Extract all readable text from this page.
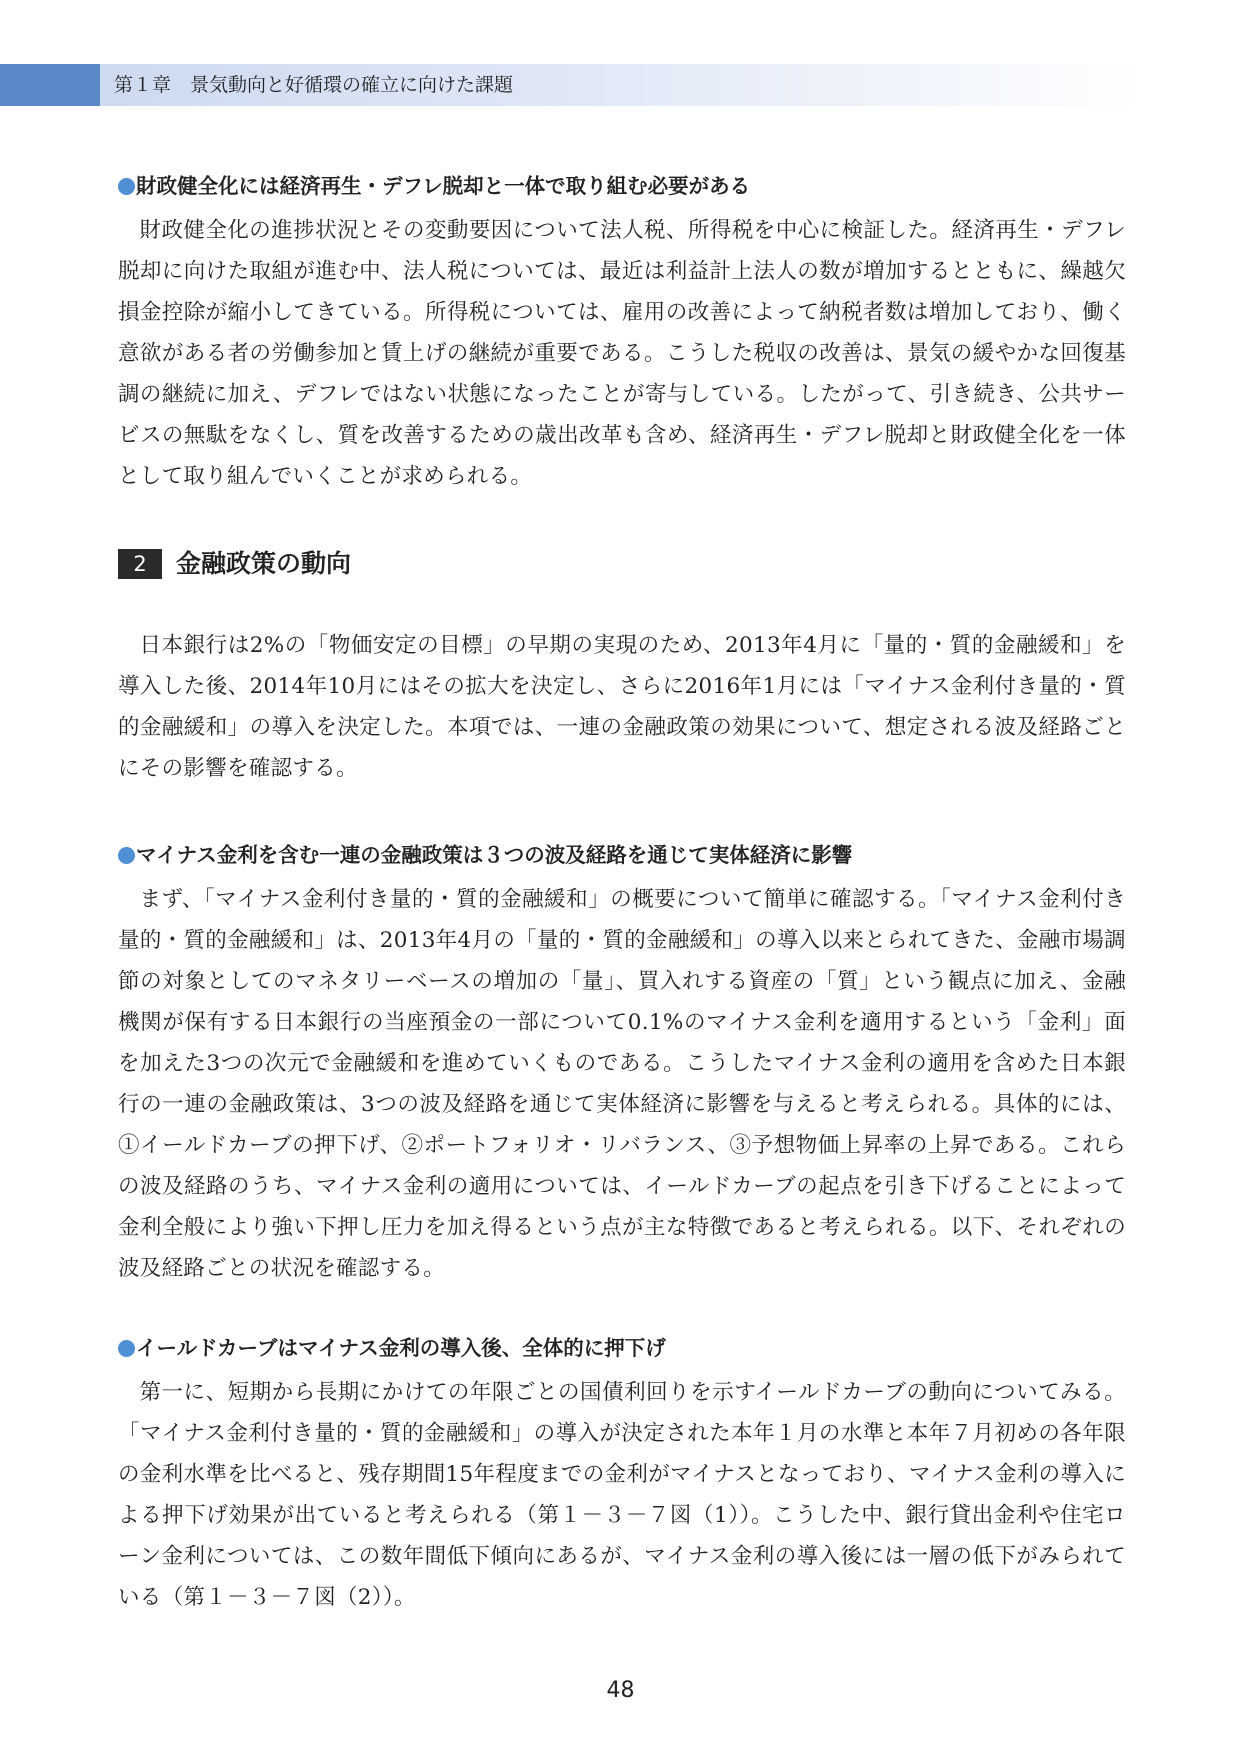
第１章　景気動向と好循環の確立に向けた課題
財政健全化には経済再生・デフレ脱却と一体で取り組む必要がある
財政健全化の進捗状況とその変動要因について法人税、所得税を中心に検証した。経済再生・デフレ脱却に向けた取組が進む中、法人税については、最近は利益計上法人の数が増加するとともに、繰越欠損金控除が縮小してきている。所得税については、雇用の改善によって納税者数は増加しており、働く意欲がある者の労働参加と賃上げの継続が重要である。こうした税収の改善は、景気の緩やかな回復基調の継続に加え、デフレではない状態になったことが寄与している。したがって、引き続き、公共サービスの無駄をなくし、質を改善するための歳出改革も含め、経済再生・デフレ脱却と財政健全化を一体として取り組んでいくことが求められる。
2	金融政策の動向
日本銀行は2%の「物価安定の目標」の早期の実現のため、2013年4月に「量的・質的金融緩和」を導入した後、2014年10月にはその拡大を決定し、さらに2016年1月には「マイナス金利付き量的・質的金融緩和」の導入を決定した。本項では、一連の金融政策の効果について、想定される波及経路ごとにその影響を確認する。
マイナス金利を含む一連の金融政策は３つの波及経路を通じて実体経済に影響
まず、「マイナス金利付き量的・質的金融緩和」の概要について簡単に確認する。「マイナス金利付き量的・質的金融緩和」は、2013年4月の「量的・質的金融緩和」の導入以来とられてきた、金融市場調節の対象としてのマネタリーベースの増加の「量」、買入れする資産の「質」という観点に加え、金融機関が保有する日本銀行の当座預金の一部について0.1%のマイナス金利を適用するという「金利」面を加えた3つの次元で金融緩和を進めていくものである。こうしたマイナス金利の適用を含めた日本銀行の一連の金融政策は、3つの波及経路を通じて実体経済に影響を与えると考えられる。具体的には、①イールドカーブの押下げ、②ポートフォリオ・リバランス、③予想物価上昇率の上昇である。これらの波及経路のうち、マイナス金利の適用については、イールドカーブの起点を引き下げることによって金利全般により強い下押し圧力を加え得るという点が主な特徴であると考えられる。以下、それぞれの波及経路ごとの状況を確認する。
イールドカーブはマイナス金利の導入後、全体的に押下げ
第一に、短期から長期にかけての年限ごとの国債利回りを示すイールドカーブの動向についてみる。「マイナス金利付き量的・質的金融緩和」の導入が決定された本年１月の水準と本年７月初めの各年限の金利水準を比べると、残存期間15年程度までの金利がマイナスとなっており、マイナス金利の導入による押下げ効果が出ていると考えられる（第１－３－７図（1））。こうした中、銀行貸出金利や住宅ローン金利については、この数年間低下傾向にあるが、マイナス金利の導入後には一層の低下がみられている（第１－３－７図（2））。
48
